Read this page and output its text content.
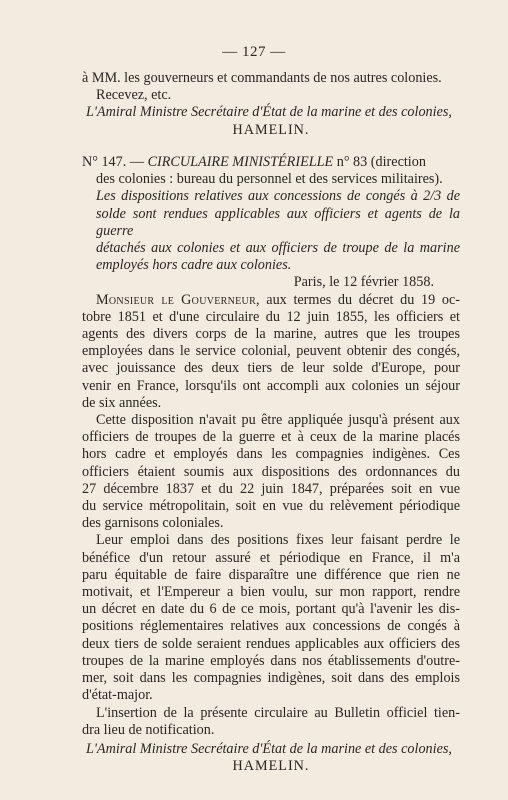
— 127 —
à MM. les gouverneurs et commandants de nos autres colonies.
Recevez, etc.
L'Amiral Ministre Secrétaire d'État de la marine et des colonies,
HAMELIN.
N° 147. — CIRCULAIRE MINISTÉRIELLE n° 83 (direction
des colonies : bureau du personnel et des services militaires).
Les dispositions relatives aux concessions de congés à 2/3 de
solde sont rendues applicables aux officiers et agents de la guerre
détachés aux colonies et aux officiers de troupe de la marine
employés hors cadre aux colonies.
Paris, le 12 février 1858.
Monsieur le Gouverneur, aux termes du décret du 19 oc-
tobre 1851 et d'une circulaire du 12 juin 1855, les officiers et
agents des divers corps de la marine, autres que les troupes
employées dans le service colonial, peuvent obtenir des congés,
avec jouissance des deux tiers de leur solde d'Europe, pour
venir en France, lorsqu'ils ont accompli aux colonies un séjour
de six années.
Cette disposition n'avait pu être appliquée jusqu'à présent aux
officiers de troupes de la guerre et à ceux de la marine placés
hors cadre et employés dans les compagnies indigènes. Ces
officiers étaient soumis aux dispositions des ordonnances du
27 décembre 1837 et du 22 juin 1847, préparées soit en vue
du service métropolitain, soit en vue du relèvement périodique
des garnisons coloniales.
Leur emploi dans des positions fixes leur faisant perdre le
bénéfice d'un retour assuré et périodique en France, il m'a
paru équitable de faire disparaître une différence que rien ne
motivait, et l'Empereur a bien voulu, sur mon rapport, rendre
un décret en date du 6 de ce mois, portant qu'à l'avenir les dis-
positions réglementaires relatives aux concessions de congés à
deux tiers de solde seraient rendues applicables aux officiers des
troupes de la marine employés dans nos établissements d'outre-
mer, soit dans les compagnies indigènes, soit dans des emplois
d'état-major.
L'insertion de la présente circulaire au Bulletin officiel tien-
dra lieu de notification.
L'Amiral Ministre Secrétaire d'État de la marine et des colonies,
HAMELIN.
